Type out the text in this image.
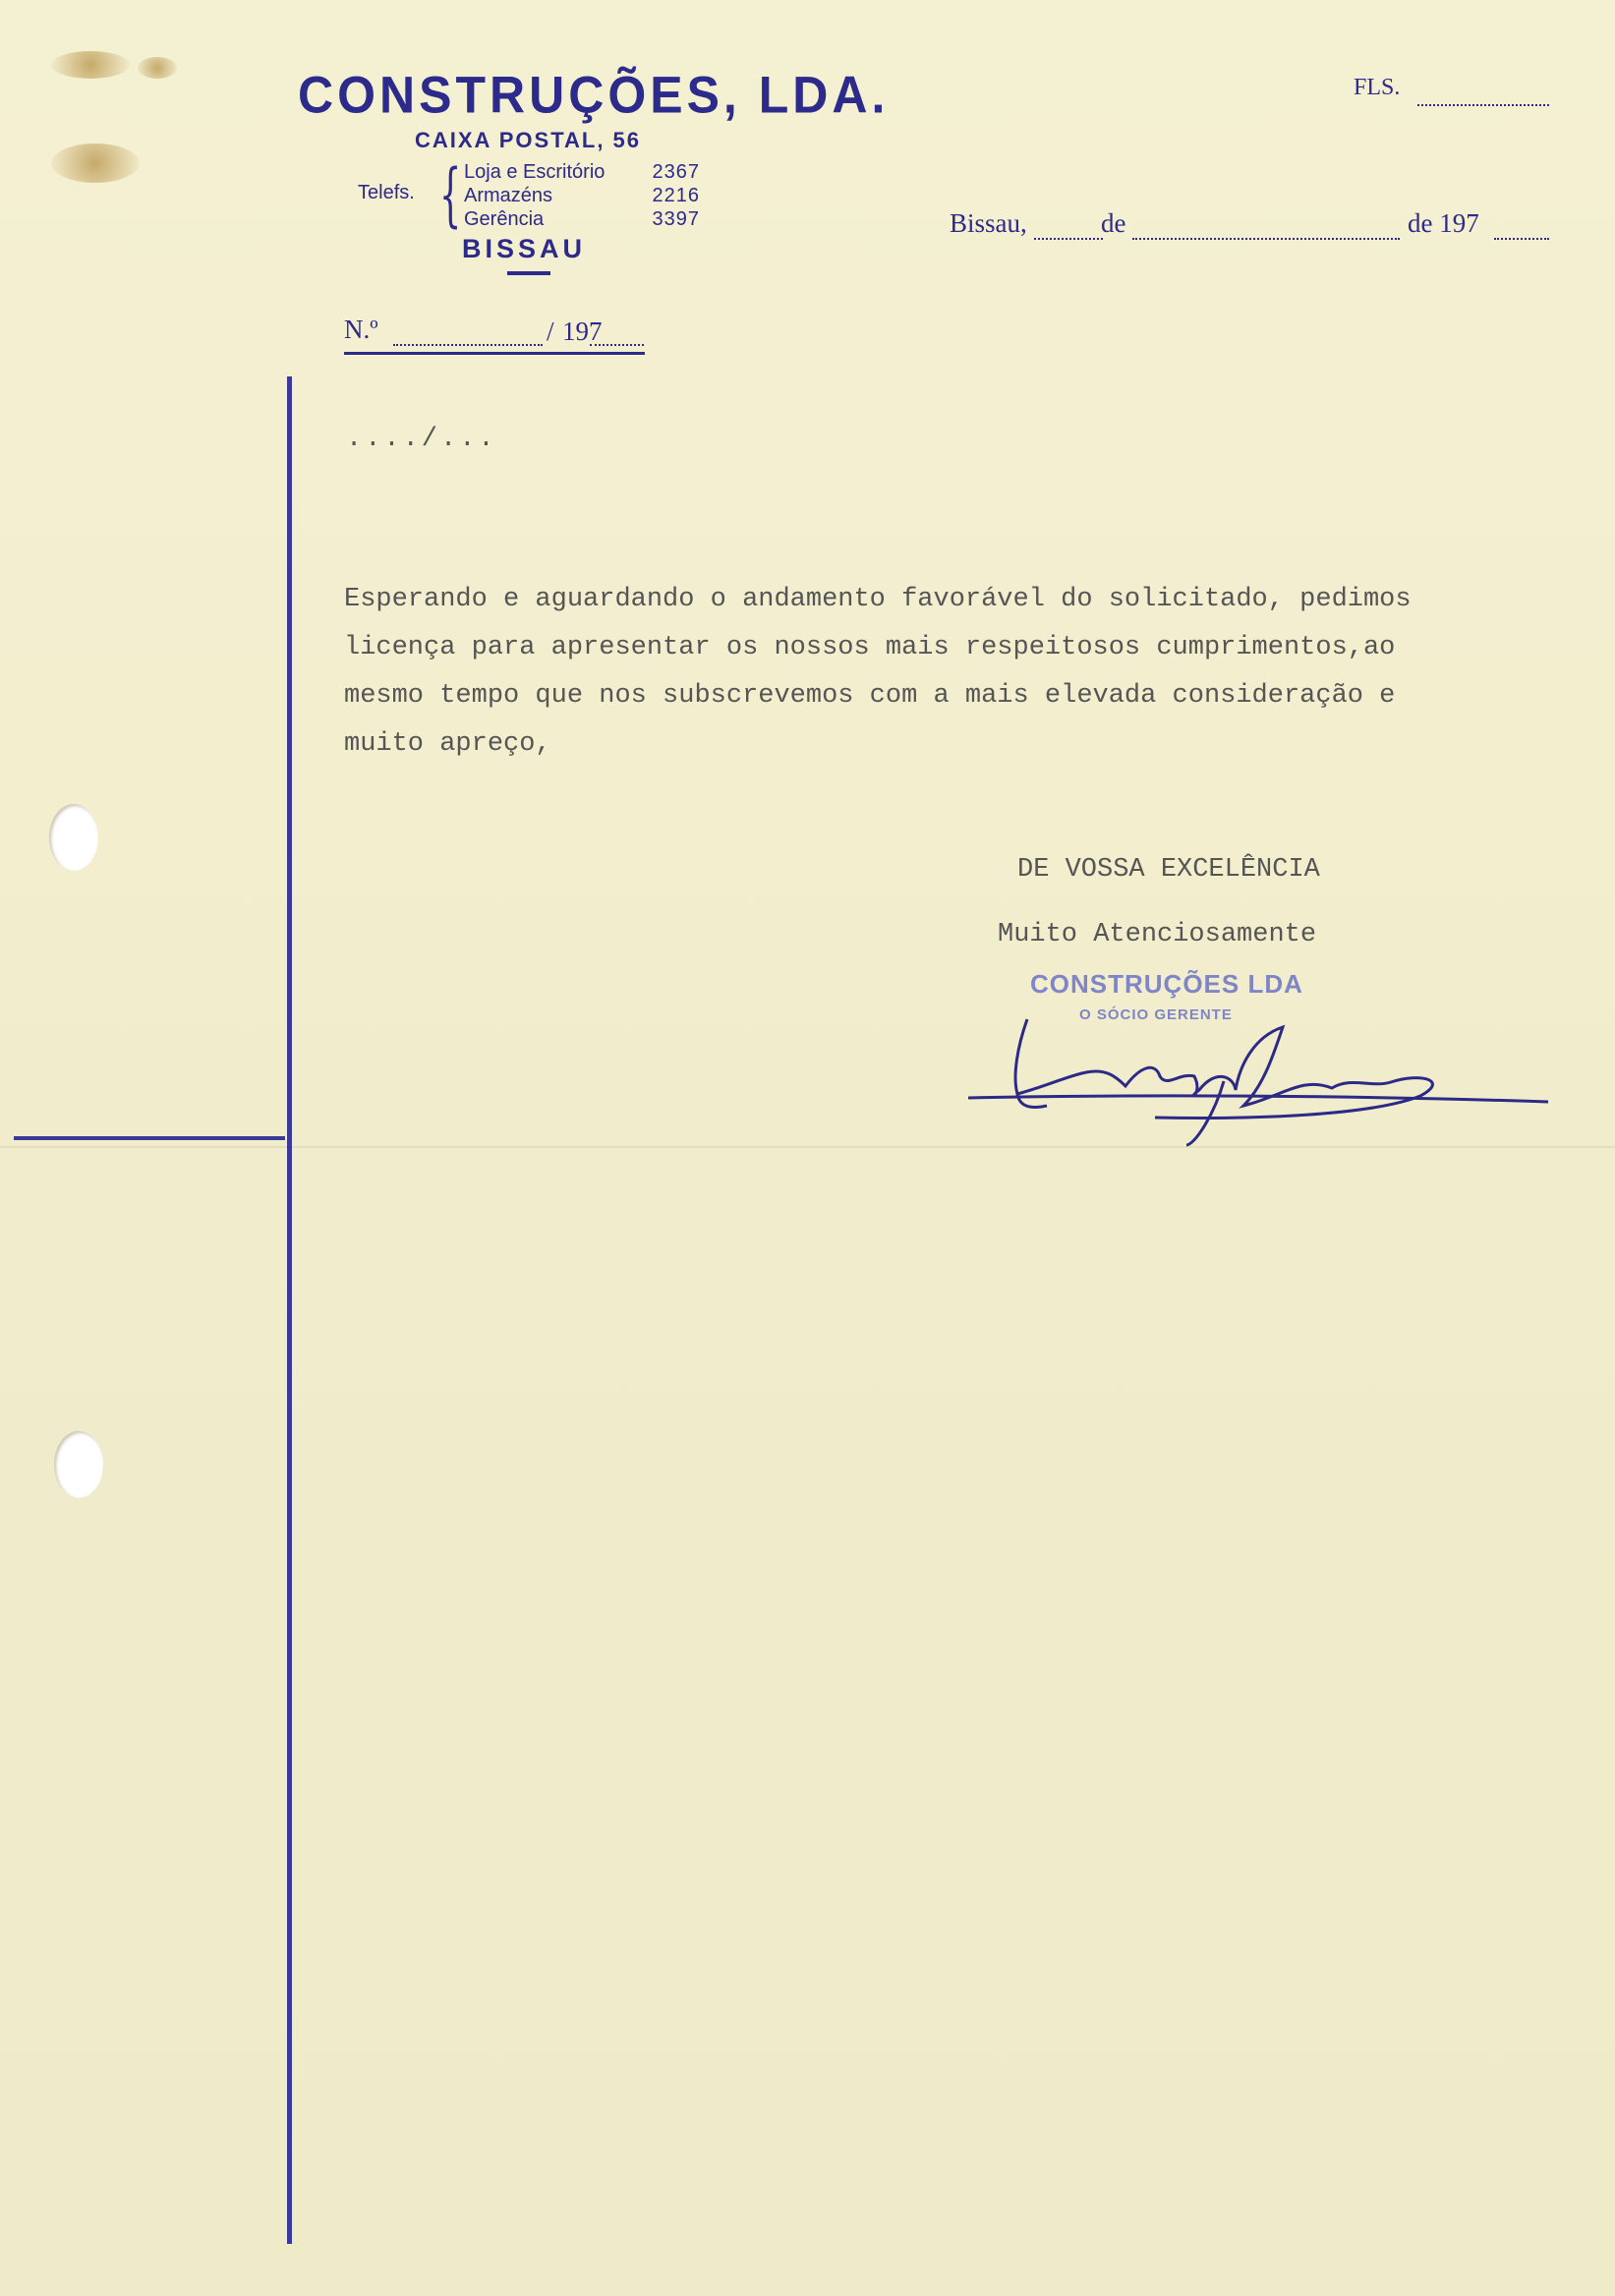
CONSTRUÇÕES, LDA.
CAIXA POSTAL, 56
Telefs. { Loja e Escritório 2367
Armazéns	2216
Gerência	3397
BISSAU
FLS.
Bissau,	de	de 197
N.º	/ 197
..../...
Esperando e aguardando o andamento favorável do solicitado, pedimos
licença para apresentar os nossos mais respeitosos cumprimentos,ao
mesmo tempo que nos subscrevemos com a mais elevada consideração e
muito apreço,
DE VOSSA EXCELÊNCIA
Muito Atenciosamente
CONSTRUÇÕES LDA
O SÓCIO GERENTE
